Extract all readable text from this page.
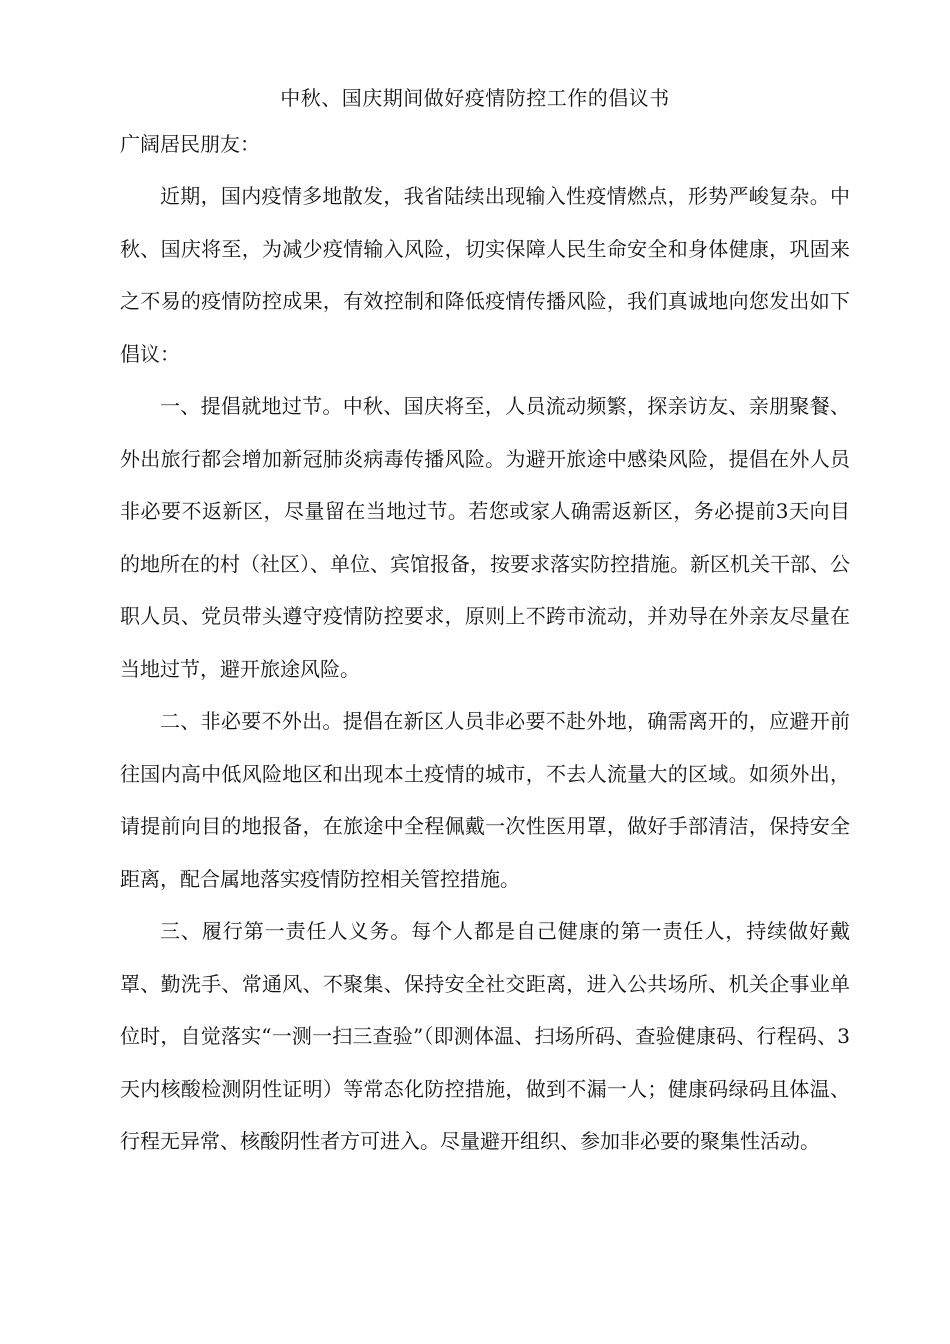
中秋、国庆期间做好疫情防控工作的倡议书
广阔居民朋友：

近期，国内疫情多地散发，我省陆续出现输入性疫情燃点，形势严峻复杂。中秋、国庆将至，为减少疫情输入风险，切实保障人民生命安全和身体健康，巩固来之不易的疫情防控成果，有效控制和降低疫情传播风险，我们真诚地向您发出如下倡议：

一、提倡就地过节。中秋、国庆将至，人员流动频繁，探亲访友、亲朋聚餐、外出旅行都会增加新冠肺炎病毒传播风险。为避开旅途中感染风险，提倡在外人员非必要不返新区，尽量留在当地过节。若您或家人确需返新区，务必提前3天向目的地所在的村（社区）、单位、宾馆报备，按要求落实防控措施。新区机关干部、公职人员、党员带头遵守疫情防控要求，原则上不跨市流动，并劝导在外亲友尽量在当地过节，避开旅途风险。

二、非必要不外出。提倡在新区人员非必要不赴外地，确需离开的，应避开前往国内高中低风险地区和出现本土疫情的城市，不去人流量大的区域。如须外出，请提前向目的地报备，在旅途中全程佩戴一次性医用罩，做好手部清洁，保持安全距离，配合属地落实疫情防控相关管控措施。

三、履行第一责任人义务。每个人都是自己健康的第一责任人，持续做好戴罩、勤洗手、常通风、不聚集、保持安全社交距离，进入公共场所、机关企事业单位时，自觉落实“一测一扫三查验”（即测体温、扫场所码、查验健康码、行程码、3天内核酸检测阴性证明）等常态化防控措施，做到不漏一人；健康码绿码且体温、行程无异常、核酸阴性者方可进入。尽量避开组织、参加非必要的聚集性活动。
